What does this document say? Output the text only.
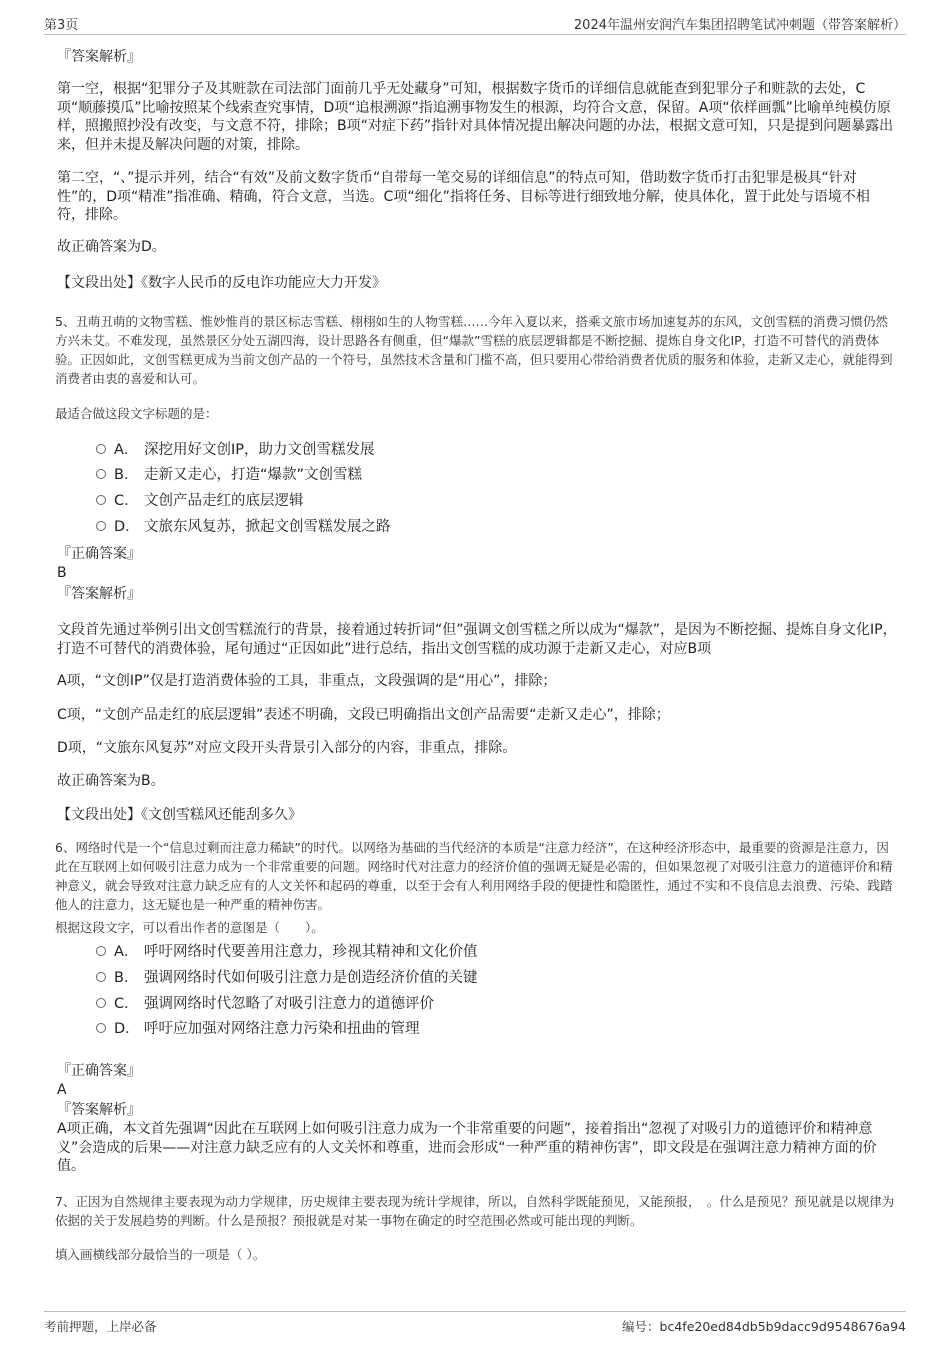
第3页	2024年温州安润汽车集团招聘笔试冲刺题（带答案解析）
『答案解析』
第一空，根据“犯罪分子及其赃款在司法部门面前几乎无处藏身”可知，根据数字货币的详细信息就能查到犯罪分子和赃款的去处，C项“顺藤摸瓜”比喻按照某个线索查究事情，D项“追根溯源”指追溯事物发生的根源，均符合文意，保留。A项“依样画瓢”比喻单纯模仿原样，照搬照抄没有改变，与文意不符，排除；B项“对症下药”指针对具体情况提出解决问题的办法，根据文意可知，只是提到问题暴露出来，但并未提及解决问题的对策，排除。
第二空，“、”提示并列，结合“有效”及前文数字货币“自带每一笔交易的详细信息”的特点可知，借助数字货币打击犯罪是极具“针对性”的，D项“精准”指准确、精确，符合文意，当选。C项“细化”指将任务、目标等进行细致地分解，使具体化，置于此处与语境不相符，排除。
故正确答案为D。
【文段出处】《数字人民币的反电诈功能应大力开发》
5、丑萌丑萌的文物雪糕、惟妙惟肖的景区标志雪糕、栩栩如生的人物雪糕……今年入夏以来，搭乘文旅市场加速复苏的东风，文创雪糕的消费习惯仍然方兴未艾。不难发现，虽然景区分处五湖四海，设计思路各有侧重，但“爆款”雪糕的底层逻辑都是不断挖掘、提炼自身文化IP，打造不可替代的消费体验。正因如此，文创雪糕更成为当前文创产品的一个符号，虽然技术含量和门槛不高，但只要用心带给消费者优质的服务和体验，走新又走心，就能得到消费者由衷的喜爱和认可。
最适合做这段文字标题的是：
A． 深挖用好文创IP，助力文创雪糕发展
B． 走新又走心，打造“爆款”文创雪糕
C． 文创产品走红的底层逻辑
D． 文旅东风复苏，掀起文创雪糕发展之路
『正确答案』
B
『答案解析』
文段首先通过举例引出文创雪糕流行的背景，接着通过转折词“但”强调文创雪糕之所以成为“爆款”，是因为不断挖掘、提炼自身文化IP，打造不可替代的消费体验，尾句通过“正因如此”进行总结，指出文创雪糕的成功源于走新又走心，对应B项
A项，“文创IP”仅是打造消费体验的工具，非重点，文段强调的是“用心”，排除；
C项，“文创产品走红的底层逻辑”表述不明确，文段已明确指出文创产品需要“走新又走心”，排除；
D项，“文旅东风复苏”对应文段开头背景引入部分的内容，非重点，排除。
故正确答案为B。
【文段出处】《文创雪糕风还能刮多久》
6、网络时代是一个“信息过剩而注意力稀缺”的时代。以网络为基础的当代经济的本质是“注意力经济”，在这种经济形态中，最重要的资源是注意力，因此在互联网上如何吸引注意力成为一个非常重要的问题。网络时代对注意力的经济价值的强调无疑是必需的，但如果忽视了对吸引注意力的道德评价和精神意义，就会导致对注意力缺乏应有的人文关怀和起码的尊重，以至于会有人利用网络手段的便捷性和隐匿性，通过不实和不良信息去浪费、污染、践踏他人的注意力，这无疑也是一种严重的精神伤害。
根据这段文字，可以看出作者的意图是（　　）。
A． 呼吁网络时代要善用注意力，珍视其精神和文化价值
B． 强调网络时代如何吸引注意力是创造经济价值的关键
C． 强调网络时代忽略了对吸引注意力的道德评价
D． 呼吁应加强对网络注意力污染和扭曲的管理
『正确答案』
A
『答案解析』
A项正确，本文首先强调“因此在互联网上如何吸引注意力成为一个非常重要的问题”，接着指出“忽视了对吸引力的道德评价和精神意义”会造成的后果——对注意力缺乏应有的人文关怀和尊重，进而会形成“一种严重的精神伤害”，即文段是在强调注意力精神方面的价值。
7、正因为自然规律主要表现为动力学规律，历史规律主要表现为统计学规律，所以，自然科学既能预见，又能预报，　。什么是预见？预见就是以规律为依据的关于发展趋势的判断。什么是预报？预报就是对某一事物在确定的时空范围必然或可能出现的判断。
填入画横线部分最恰当的一项是（ ）。
考前押题，上岸必备	编号：bc4fe20ed84db5b9dacc9d9548676a94
